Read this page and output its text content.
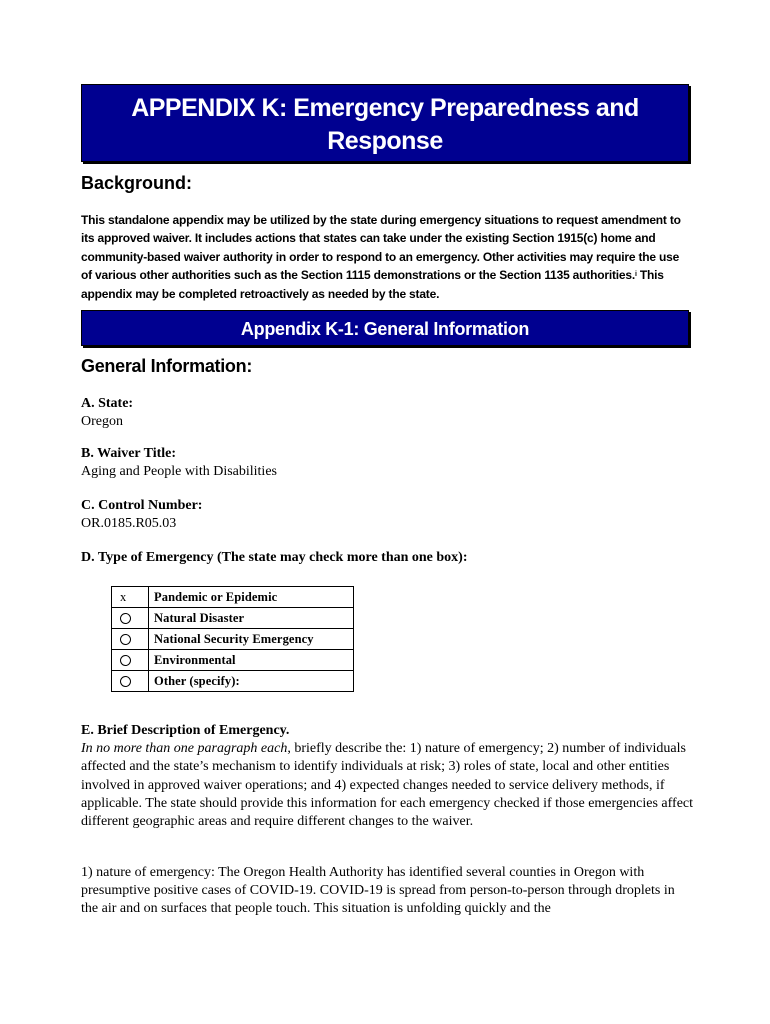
APPENDIX K: Emergency Preparedness and
Response
Background:
This standalone appendix may be utilized by the state during emergency situations to request amendment to its approved waiver. It includes actions that states can take under the existing Section 1915(c) home and community-based waiver authority in order to respond to an emergency. Other activities may require the use of various other authorities such as the Section 1115 demonstrations or the Section 1135 authorities.$^i$ This appendix may be completed retroactively as needed by the state.
Appendix K-1: General Information
General Information:
A. State:
Oregon
B. Waiver Title:
Aging and People with Disabilities
C. Control Number:
OR.0185.R05.03
D. Type of Emergency (The state may check more than one box):
x	Pandemic or Epidemic
	Natural Disaster
	National Security Emergency
	Environmental
	Other (specify):
E. Brief Description of Emergency.

In no more than one paragraph each, briefly describe the: 1) nature of emergency; 2) number of individuals affected and the state’s mechanism to identify individuals at risk; 3) roles of state, local and other entities involved in approved waiver operations; and 4) expected changes needed to service delivery methods, if applicable. The state should provide this information for each emergency checked if those emergencies affect different geographic areas and require different changes to the waiver.

1) nature of emergency: The Oregon Health Authority has identified several counties in Oregon with presumptive positive cases of COVID-19. COVID-19 is spread from person-to-person through droplets in the air and on surfaces that people touch. This situation is unfolding quickly and the
